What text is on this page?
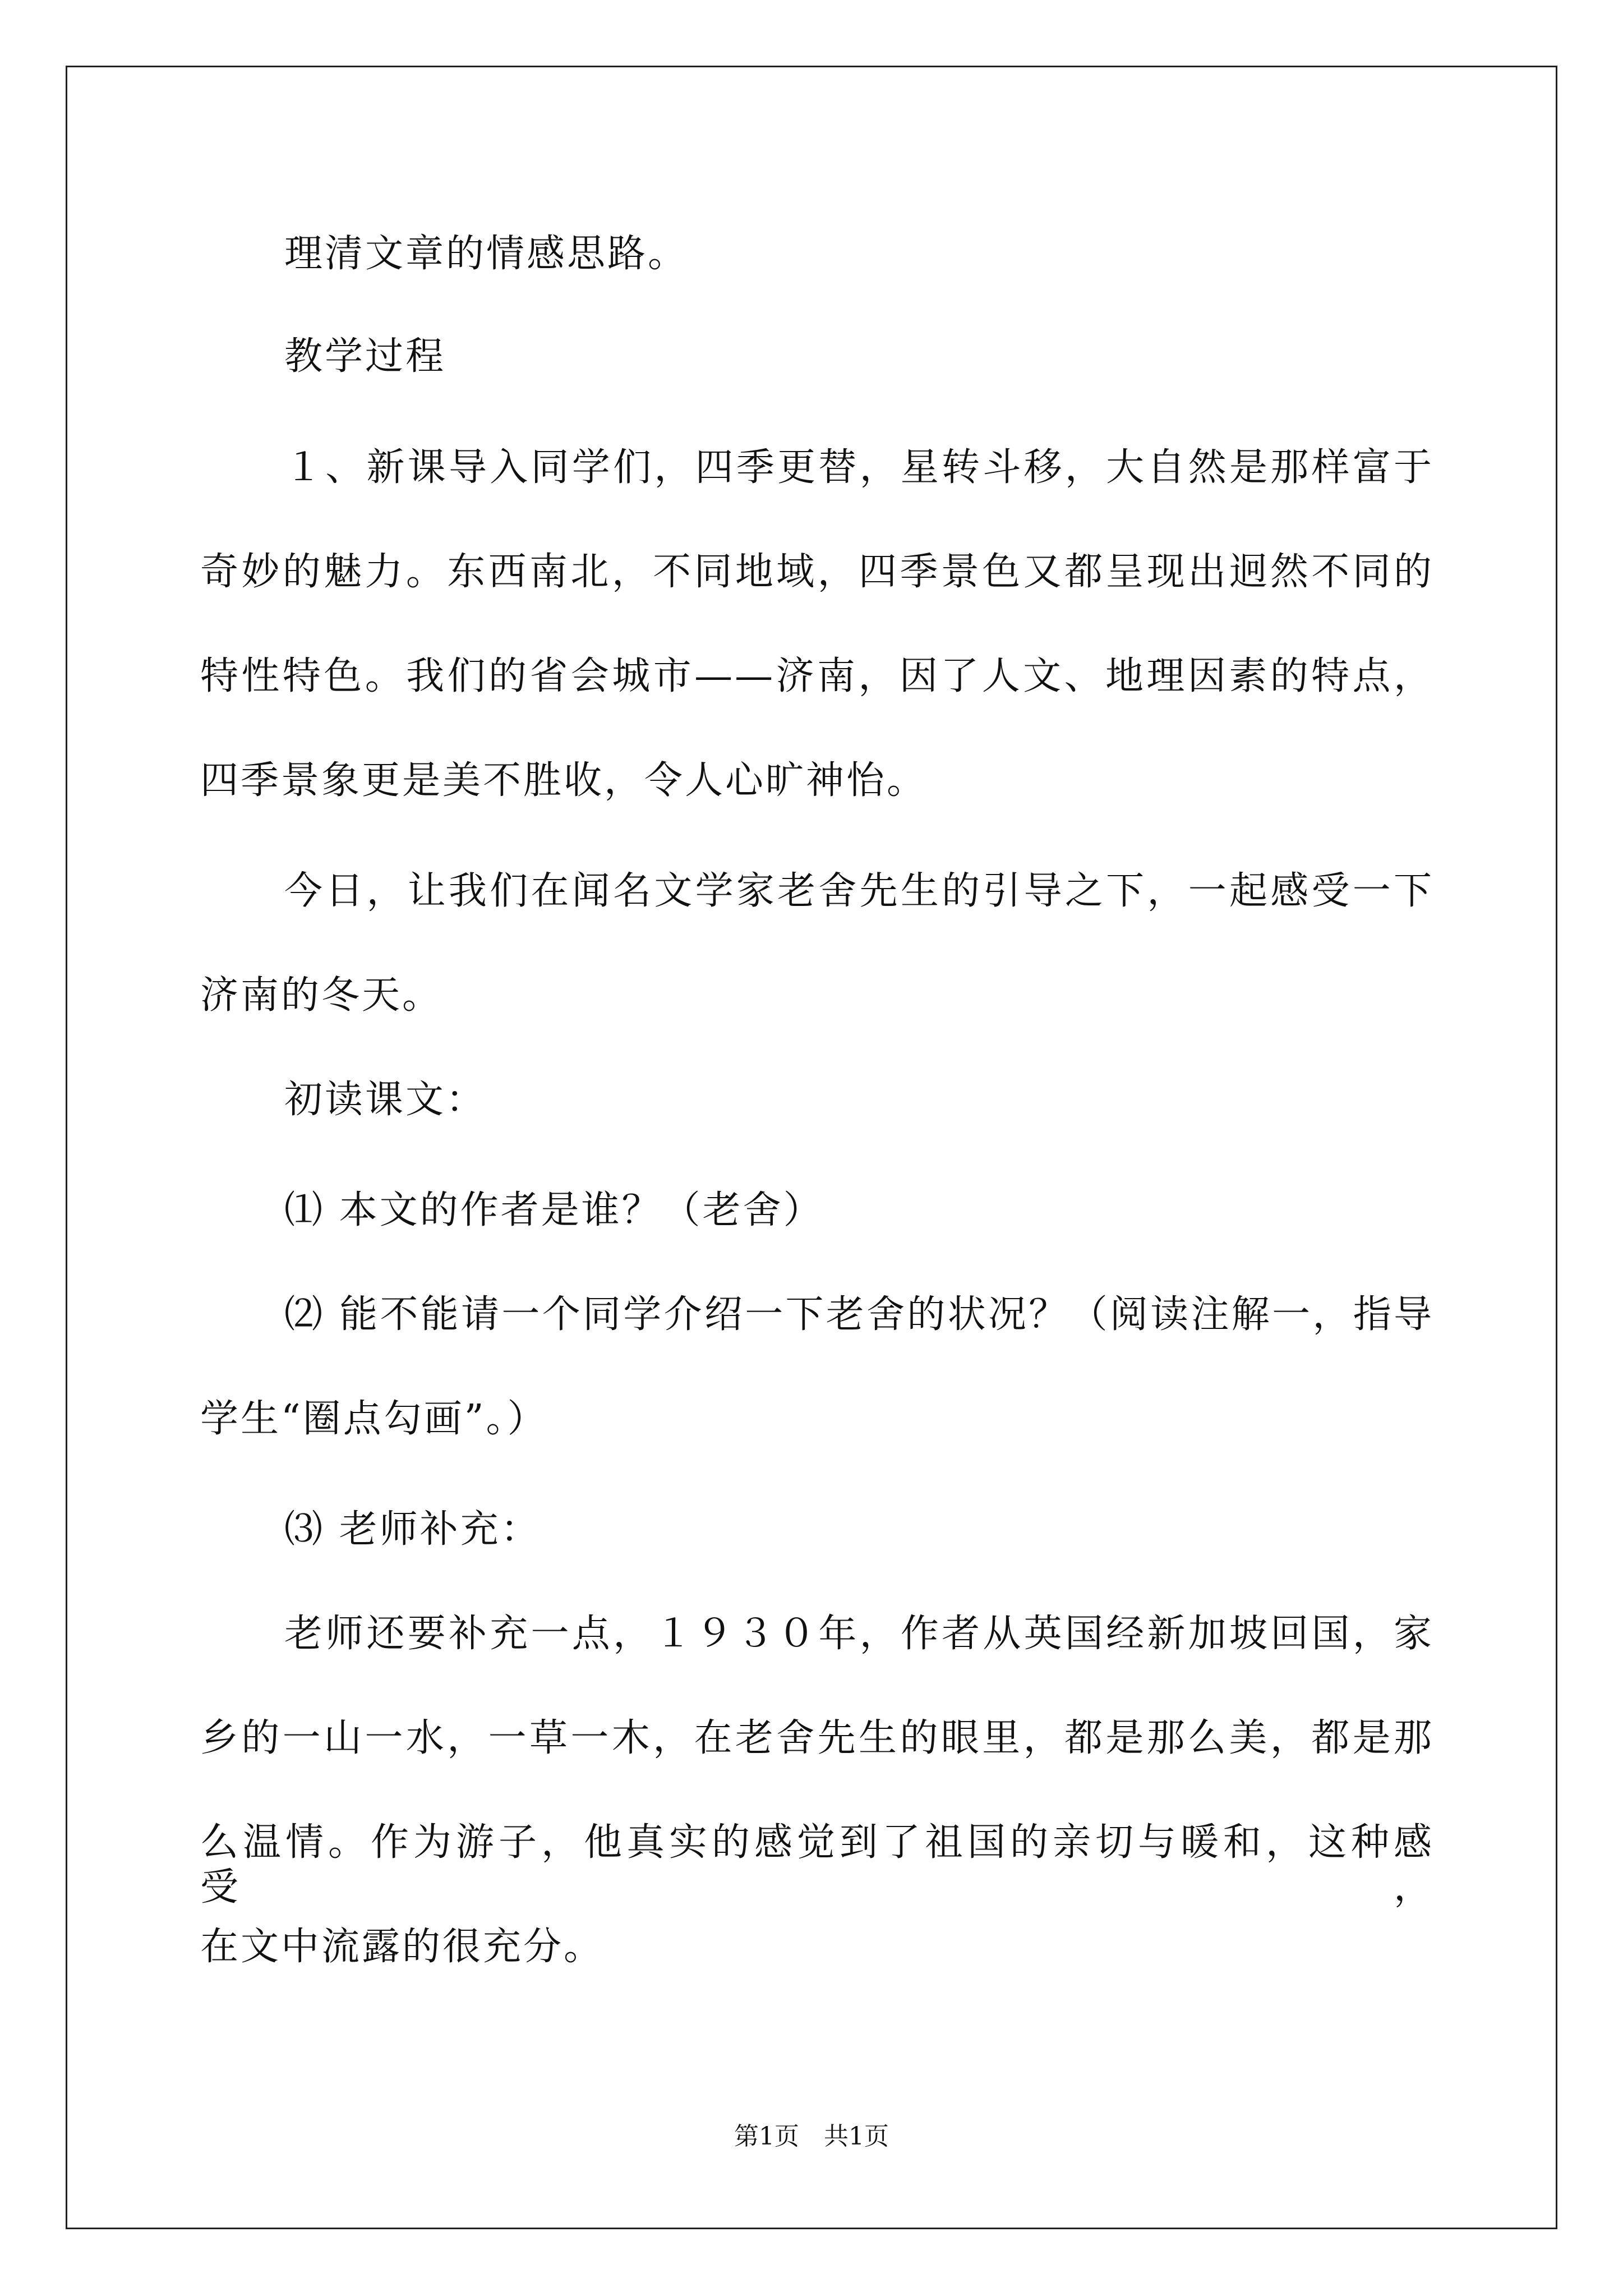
理清文章的情感思路。
教学过程
１、新课导入同学们，四季更替，星转斗移，大自然是那样富于
奇妙的魅力。东西南北，不同地域，四季景色又都呈现出迥然不同的
特性特色。我们的省会城市——济南，因了人文、地理因素的特点，
四季景象更是美不胜收，令人心旷神怡。
今日，让我们在闻名文学家老舍先生的引导之下，一起感受一下
济南的冬天。
初读课文：
⑴ 本文的作者是谁？（老舍）
⑵ 能不能请一个同学介绍一下老舍的状况？（阅读注解一，指导
学生“圈点勾画”。）
⑶ 老师补充：
老师还要补充一点，１９３０年，作者从英国经新加坡回国，家
乡的一山一水，一草一木，在老舍先生的眼里，都是那么美，都是那
么温情。作为游子，他真实的感觉到了祖国的亲切与暖和，这种感受，
在文中流露的很充分。
第1页　共1页
